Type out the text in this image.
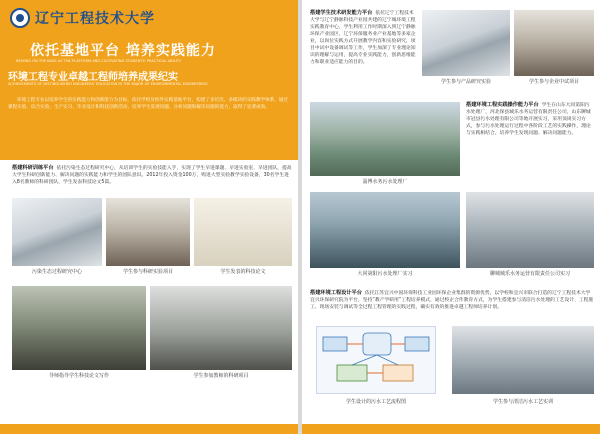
辽宁工程技术大学
依托基地平台 培养实践能力
RELYING ON THE BASE AS THE PLATFORM AND CULTIVATING STUDENTS' PRACTICAL ABILITY
环境工程专业卓越工程师培养成果纪实
ACHIEVEMENTS OF DISTINGUISHED ENGINEERS' EDUCATION IN THE MAJOR OF ENVIRONMENTAL ENGINEERING
环境工程专业以培养学生的实践能力和创新能力为目标，依托学校及校外实践基地平台，构建了多层次、多模块的实践教学体系，通过课程实验、综合实验、生产实习、毕业设计和科技创新活动，培养学生发现问题、分析问题和解决问题的能力，取得了显著成效。
搭建科研训练平台 依托污染生态过程研究中心，从培训学生的实验技能入手，实现了学生早进课题、早进实验室、早进团队，提高大学生科研创新能力、解决问题的实践能力和学生的团队意识。2012年投入资金100万，购进大型实验教学实验设备，30名学生进入8名教师的科研团队，学生发表科技论文5篇。
污染生态过程研究中心	学生参与科研实验项目	学生发表的科技论文
导师指导学生科技论文写作	学生参加教师的科研项目
搭建学生技术研发能力平台 依托辽宁工程技术大学与辽宁静脉科技产业园共建的辽宁城环境工程实践教育中心，学生利用工作时期深入到辽宁静脉环保产业园区，辽宁环保服务业产业基地等多家企业，以岗位实践方式开展教学内容和实验研究，项目中试中设备调试等工作，学生加深了专业理论知识的理解与运用，提高专业实践能力，创新思维能力和职业适应能力的目的。
学生参与产品研究实验	学生参与企业中试项目
淄博水务污水处理厂
搭建环境工程实践操作能力平台 学生在山东大同第阳污水处理厂，河北保县城乐水务运营有限责任公司，山东聊城市冠县污水处理有限公司等地开展实习，采用顶岗实习方式，参与污水处理运行过程中各阶段工艺的实践操作，理论与实践相结合，培养学生发现问题、解决问题能力。
大同第阳污水处理厂实习	聊城城乐水务运营有限责任公司实习
搭建环境工程设计平台 依托江苏宜兴中国环保科技工业园环保企业集群的资源优势，以学校和宜兴市联合打造的辽宁工程技术大学宜兴环保研究院为平台，坚持“教产学研用”工程培养模式，通过校企合作教育方式，为学生搭建参与清洁污水处理的工艺设计、工程施工、现场安装与调试等全过程工程管理的实践过程，确实有效的推进卓越工程师培养计划。
学生设计的污水工艺流程图	学生参与清洁污水工艺实训
